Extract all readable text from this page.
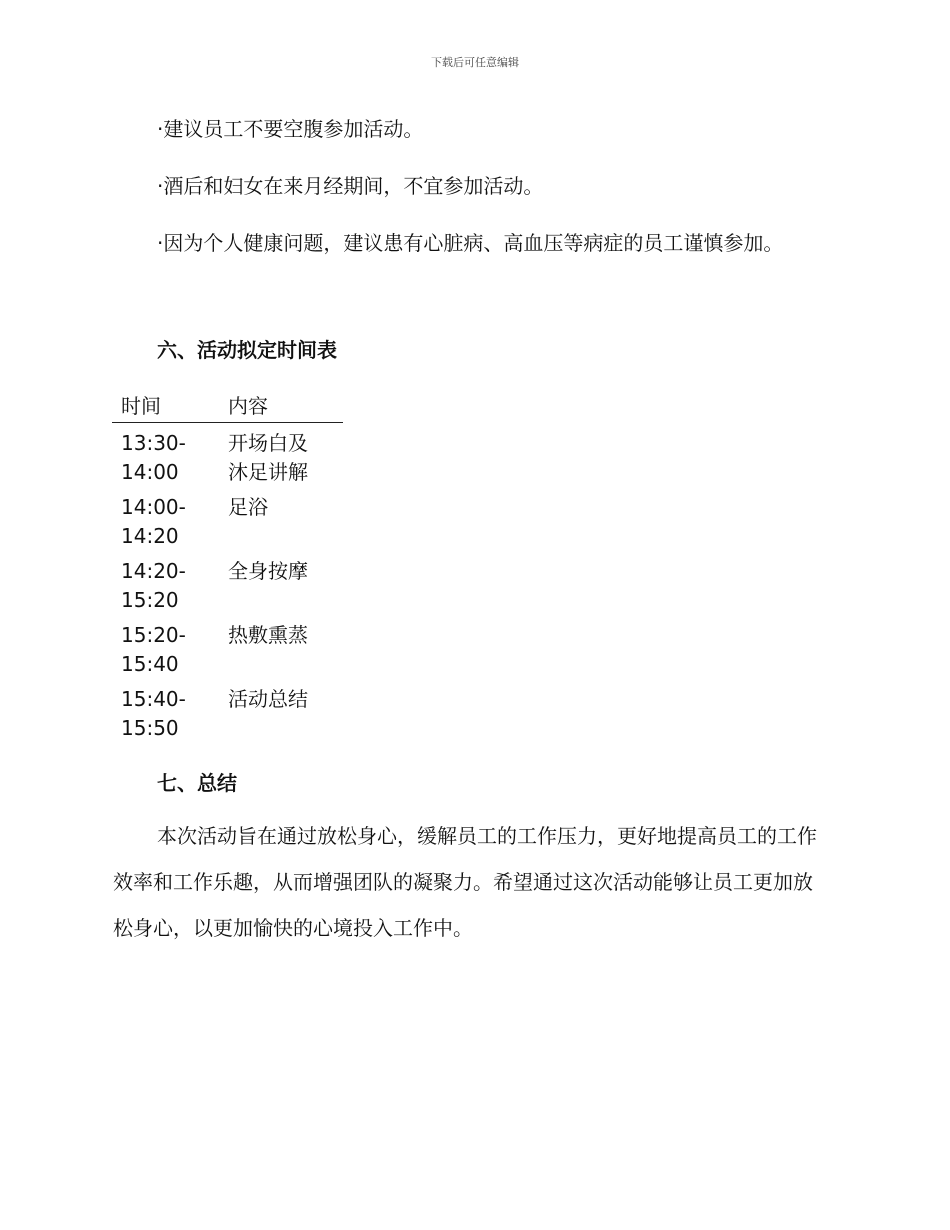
下载后可任意编辑

·建议员工不要空腹参加活动。

·酒后和妇女在来月经期间，不宜参加活动。

·因为个人健康问题，建议患有心脏病、高血压等病症的员工谨慎参加。

六、活动拟定时间表
时间	内容
13:30-
14:00
开场白及
沐足讲解
14:00-
14:20
足浴
14:20-
15:20
全身按摩
15:20-
15:40
热敷熏蒸
15:40-
15:50
活动总结
七、总结

本次活动旨在通过放松身心，缓解员工的工作压力，更好地提高员工的工作效率和工作乐趣，从而增强团队的凝聚力。希望通过这次活动能够让员工更加放松身心，以更加愉快的心境投入工作中。
